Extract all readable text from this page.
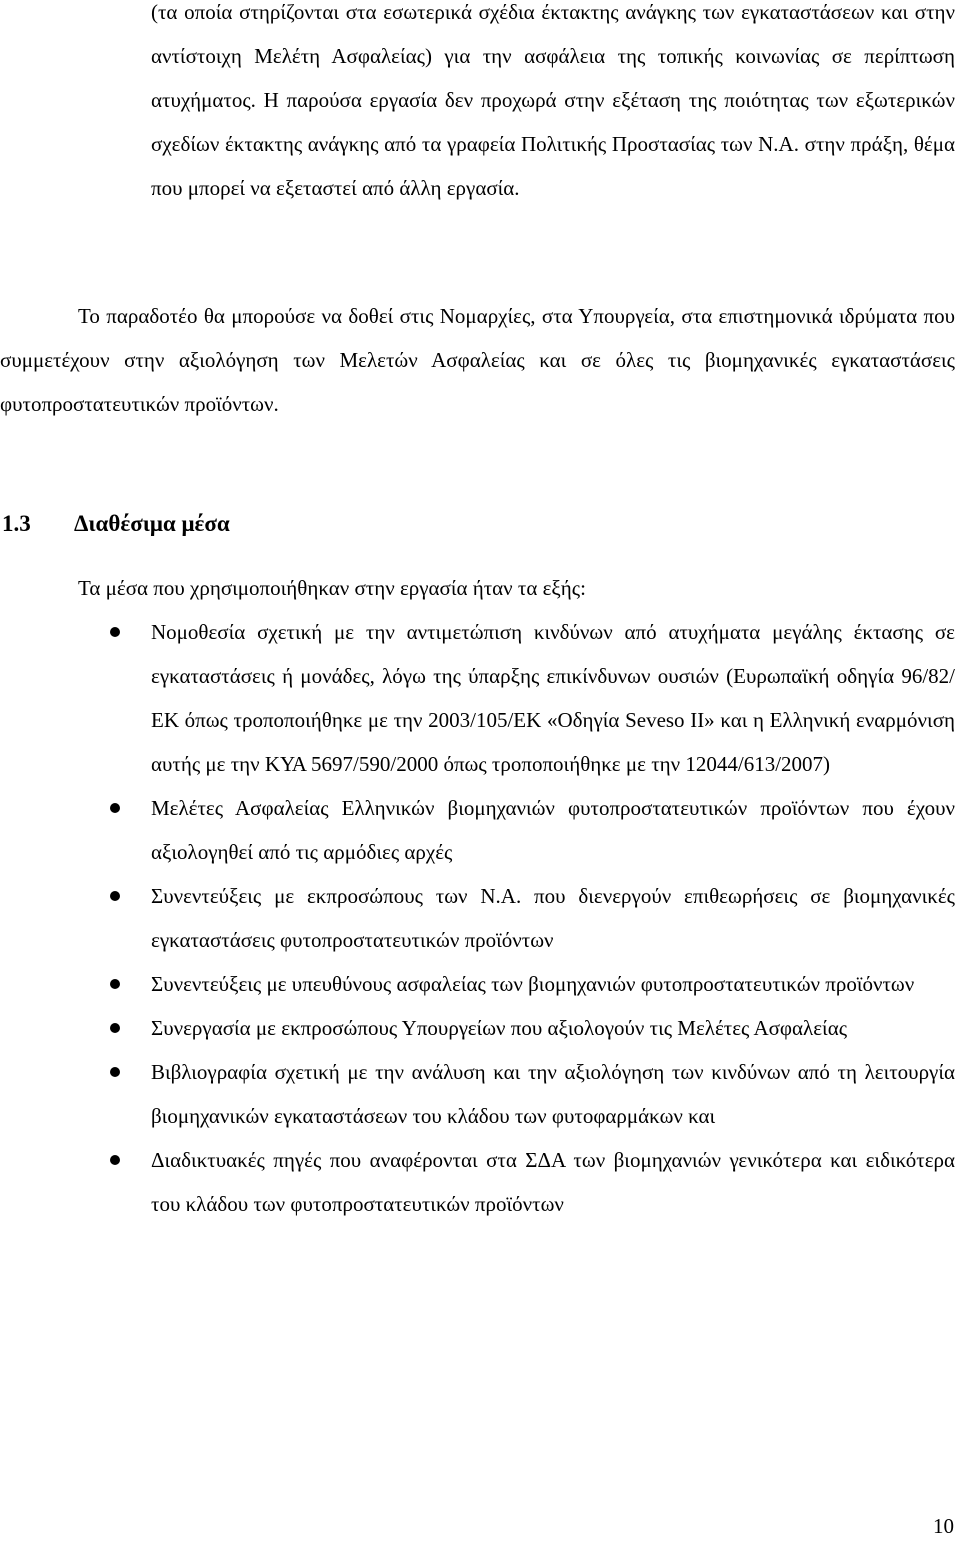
(τα οποία στηρίζονται στα εσωτερικά σχέδια έκτακτης ανάγκης των εγκαταστάσεων και στην αντίστοιχη Μελέτη Ασφαλείας) για την ασφάλεια της τοπικής κοινωνίας σε περίπτωση ατυχήματος. Η παρούσα εργασία δεν προχωρά στην εξέταση της ποιότητας των εξωτερικών σχεδίων έκτακτης ανάγκης από τα γραφεία Πολιτικής Προστασίας των Ν.Α. στην πράξη, θέμα που μπορεί να εξεταστεί από άλλη εργασία.

Το παραδοτέο θα μπορούσε να δοθεί στις Νομαρχίες, στα Υπουργεία, στα επιστημονικά ιδρύματα που συμμετέχουν στην αξιολόγηση των Μελετών Ασφαλείας και σε όλες τις βιομηχανικές εγκαταστάσεις φυτοπροστατευτικών προϊόντων.

1.3 Διαθέσιμα μέσα

Τα μέσα που χρησιμοποιήθηκαν στην εργασία ήταν τα εξής:

Νομοθεσία σχετική με την αντιμετώπιση κινδύνων από ατυχήματα μεγάλης έκτασης σε εγκαταστάσεις ή μονάδες, λόγω της ύπαρξης επικίνδυνων ουσιών (Ευρωπαϊκή οδηγία 96/82/ΕΚ όπως τροποποιήθηκε με την 2003/105/ΕΚ «Οδηγία Seveso II» και η Ελληνική εναρμόνιση αυτής με την ΚΥΑ 5697/590/2000 όπως τροποποιήθηκε με την 12044/613/2007)
Μελέτες Ασφαλείας Ελληνικών βιομηχανιών φυτοπροστατευτικών προϊόντων που έχουν αξιολογηθεί από τις αρμόδιες αρχές
Συνεντεύξεις με εκπροσώπους των Ν.Α. που διενεργούν επιθεωρήσεις σε βιομηχανικές εγκαταστάσεις φυτοπροστατευτικών προϊόντων
Συνεντεύξεις με υπευθύνους ασφαλείας των βιομηχανιών φυτοπροστατευτικών προϊόντων
Συνεργασία με εκπροσώπους Υπουργείων που αξιολογούν τις Μελέτες Ασφαλείας
Βιβλιογραφία σχετική με την ανάλυση και την αξιολόγηση των κινδύνων από τη λειτουργία βιομηχανικών εγκαταστάσεων του κλάδου των φυτοφαρμάκων και
Διαδικτυακές πηγές που αναφέρονται στα ΣΔΑ των βιομηχανιών γενικότερα και ειδικότερα του κλάδου των φυτοπροστατευτικών προϊόντων

10
